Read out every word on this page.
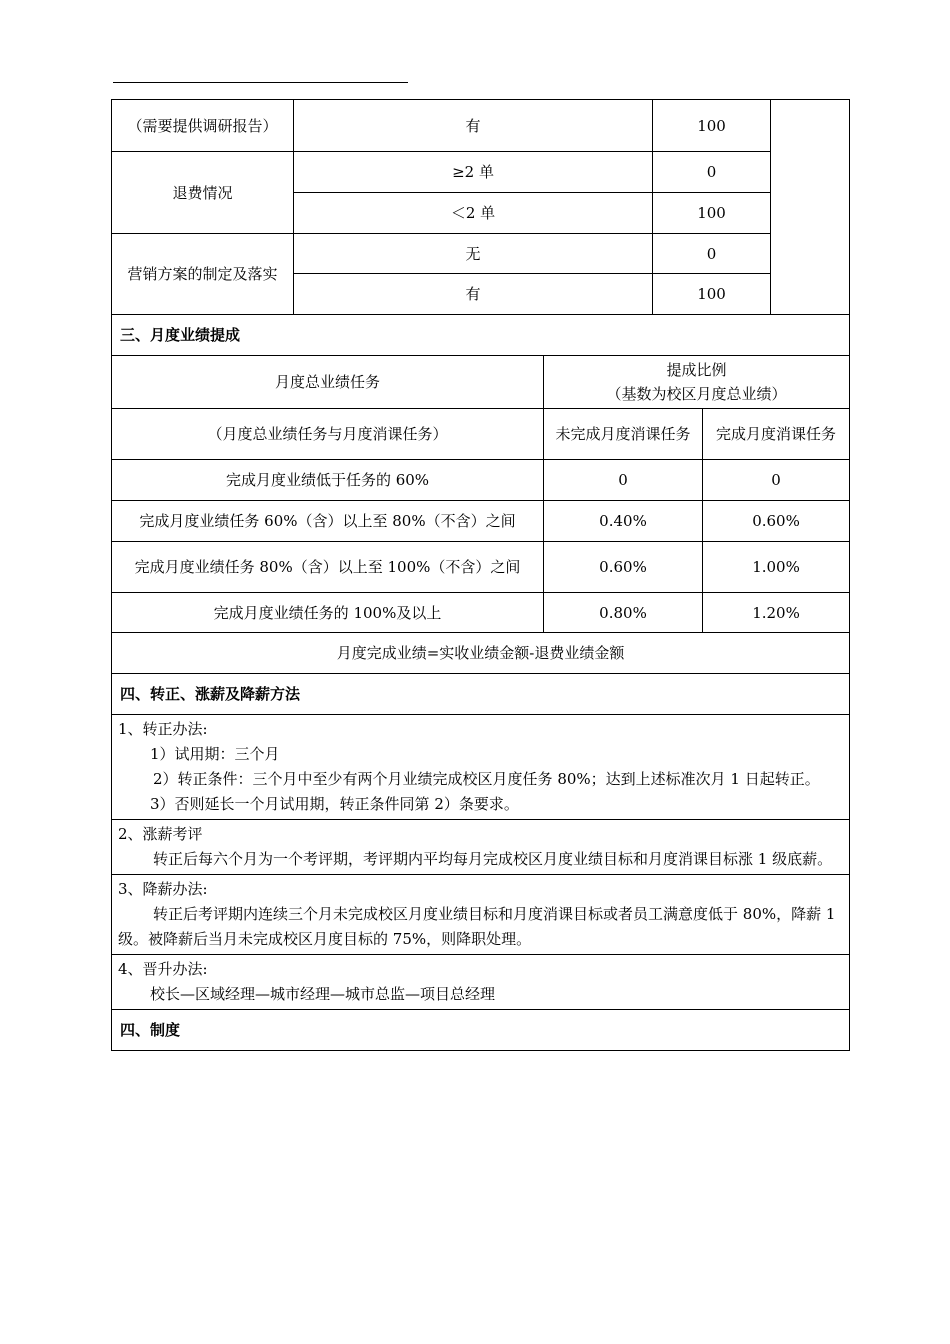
（需要提供调研报告）	有		100		
退费情况	≥2 单		0		
	＜2 单		100		
营销方案的制定及落实	无		0		
	有		100		
三、月度业绩提成					
月度总业绩任务		提成比例
（基数为校区月度总业绩）			

（月度总业绩任务与月度消课任务）		未完成月度消课任务		完成月度消课任务	
完成月度业绩低于任务的 60%		0		0	
完成月度业绩任务 60%（含）以上至 80%（不含）之间		0.40%		0.60%	
完成月度业绩任务 80%（含）以上至 100%（不含）之间		0.60%		1.00%	
完成月度业绩任务的 100%及以上		0.80%		1.20%	
月度完成业绩=实收业绩金额-退费业绩金额					
四、转正、涨薪及降薪方法					

1、转正办法:

1）试用期：三个月

2）转正条件：三个月中至少有两个月业绩完成校区月度任务 80%；达到上述标准次月 1 日起转正。

3）否则延长一个月试用期，转正条件同第 2）条要求。					

2、涨薪考评

转正后每六个月为一个考评期，考评期内平均每月完成校区月度业绩目标和月度消课目标涨 1 级底薪。					

3、降薪办法:

转正后考评期内连续三个月未完成校区月度业绩目标和月度消课目标或者员工满意度低于 80%，降薪 1 级。被降薪后当月未完成校区月度目标的 75%，则降职处理。					

4、晋升办法:

校长—区域经理—城市经理—城市总监—项目总经理					

四、制度					
